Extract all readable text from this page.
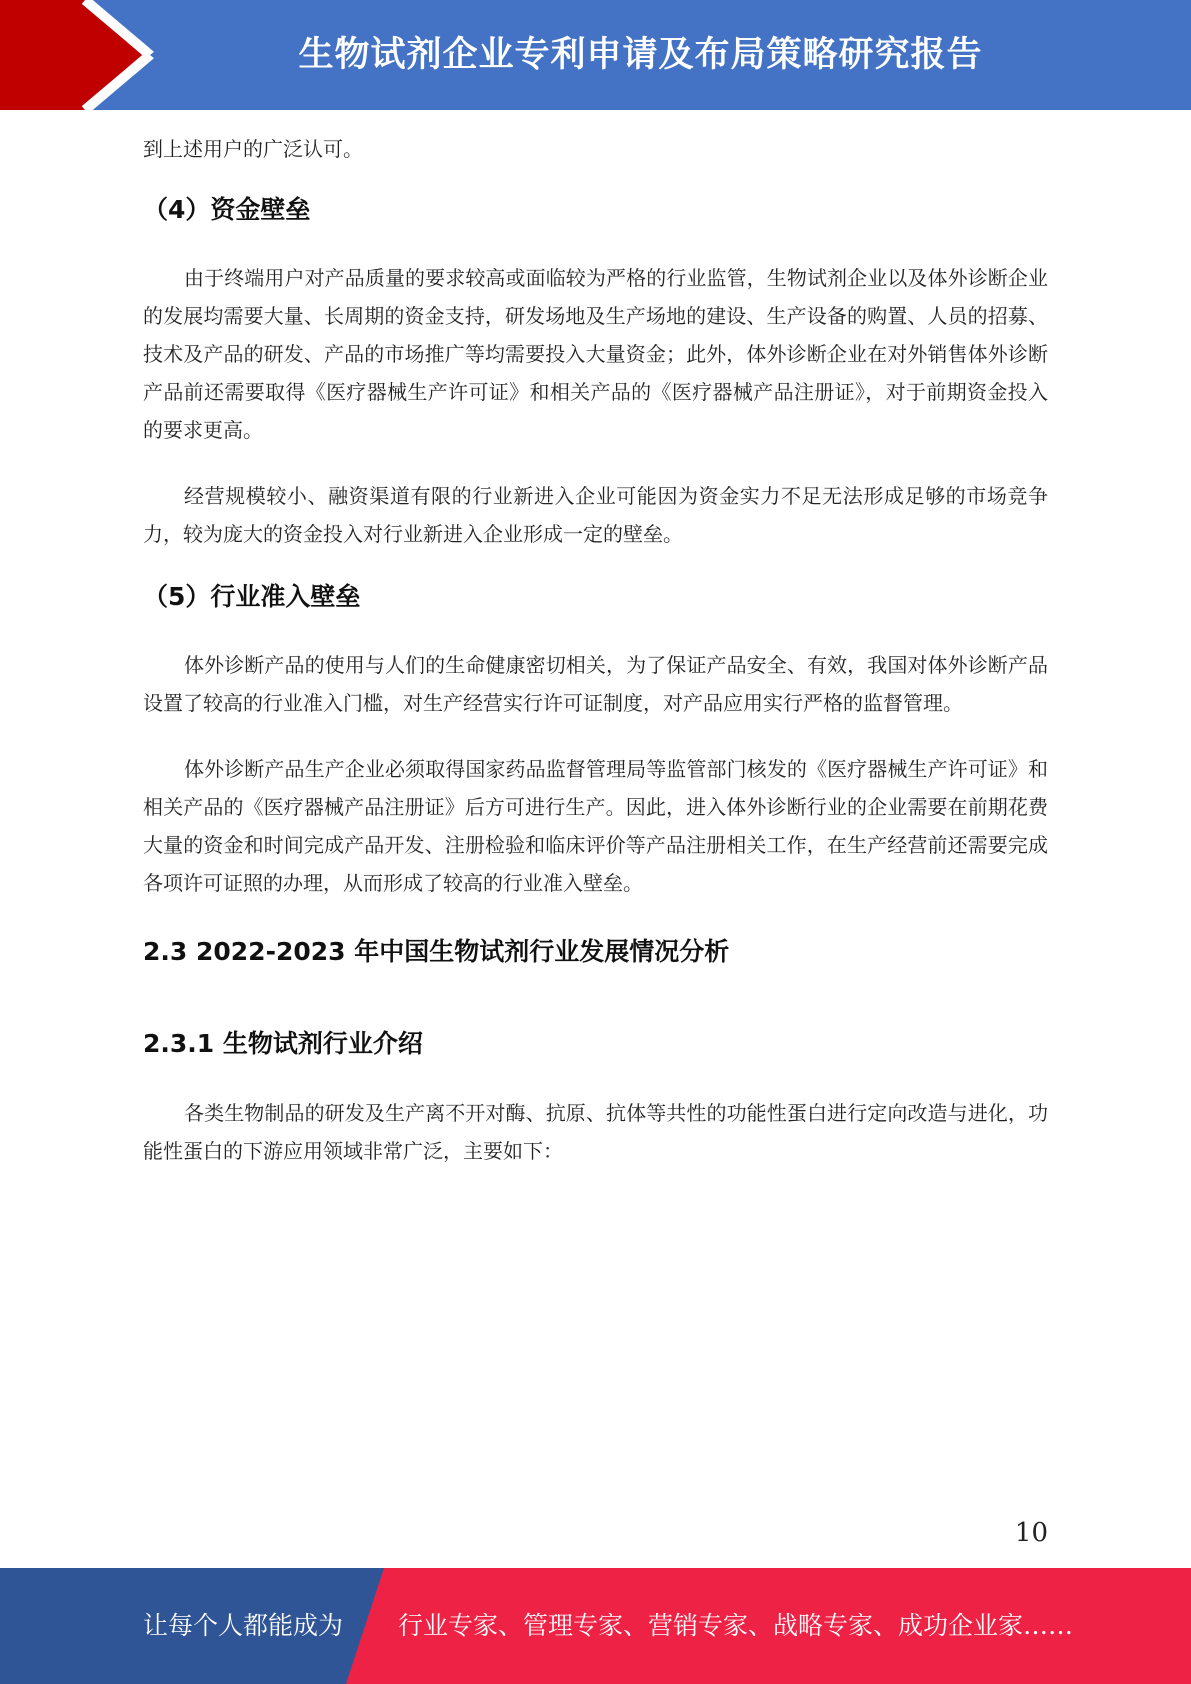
生物试剂企业专利申请及布局策略研究报告

到上述用户的广泛认可。

（4）资金壁垒

由于终端用户对产品质量的要求较高或面临较为严格的行业监管，生物试剂企业以及体外诊断企业的发展均需要大量、长周期的资金支持，研发场地及生产场地的建设、生产设备的购置、人员的招募、技术及产品的研发、产品的市场推广等均需要投入大量资金；此外，体外诊断企业在对外销售体外诊断产品前还需要取得《医疗器械生产许可证》和相关产品的《医疗器械产品注册证》，对于前期资金投入的要求更高。

经营规模较小、融资渠道有限的行业新进入企业可能因为资金实力不足无法形成足够的市场竞争力，较为庞大的资金投入对行业新进入企业形成一定的壁垒。

（5）行业准入壁垒

体外诊断产品的使用与人们的生命健康密切相关，为了保证产品安全、有效，我国对体外诊断产品设置了较高的行业准入门槛，对生产经营实行许可证制度，对产品应用实行严格的监督管理。

体外诊断产品生产企业必须取得国家药品监督管理局等监管部门核发的《医疗器械生产许可证》和相关产品的《医疗器械产品注册证》后方可进行生产。因此，进入体外诊断行业的企业需要在前期花费大量的资金和时间完成产品开发、注册检验和临床评价等产品注册相关工作，在生产经营前还需要完成各项许可证照的办理，从而形成了较高的行业准入壁垒。

2.3 2022-2023 年中国生物试剂行业发展情况分析
2.3.1 生物试剂行业介绍

各类生物制品的研发及生产离不开对酶、抗原、抗体等共性的功能性蛋白进行定向改造与进化，功能性蛋白的下游应用领域非常广泛，主要如下：

10
让每个人都能成为 行业专家、管理专家、营销专家、战略专家、成功企业家……
